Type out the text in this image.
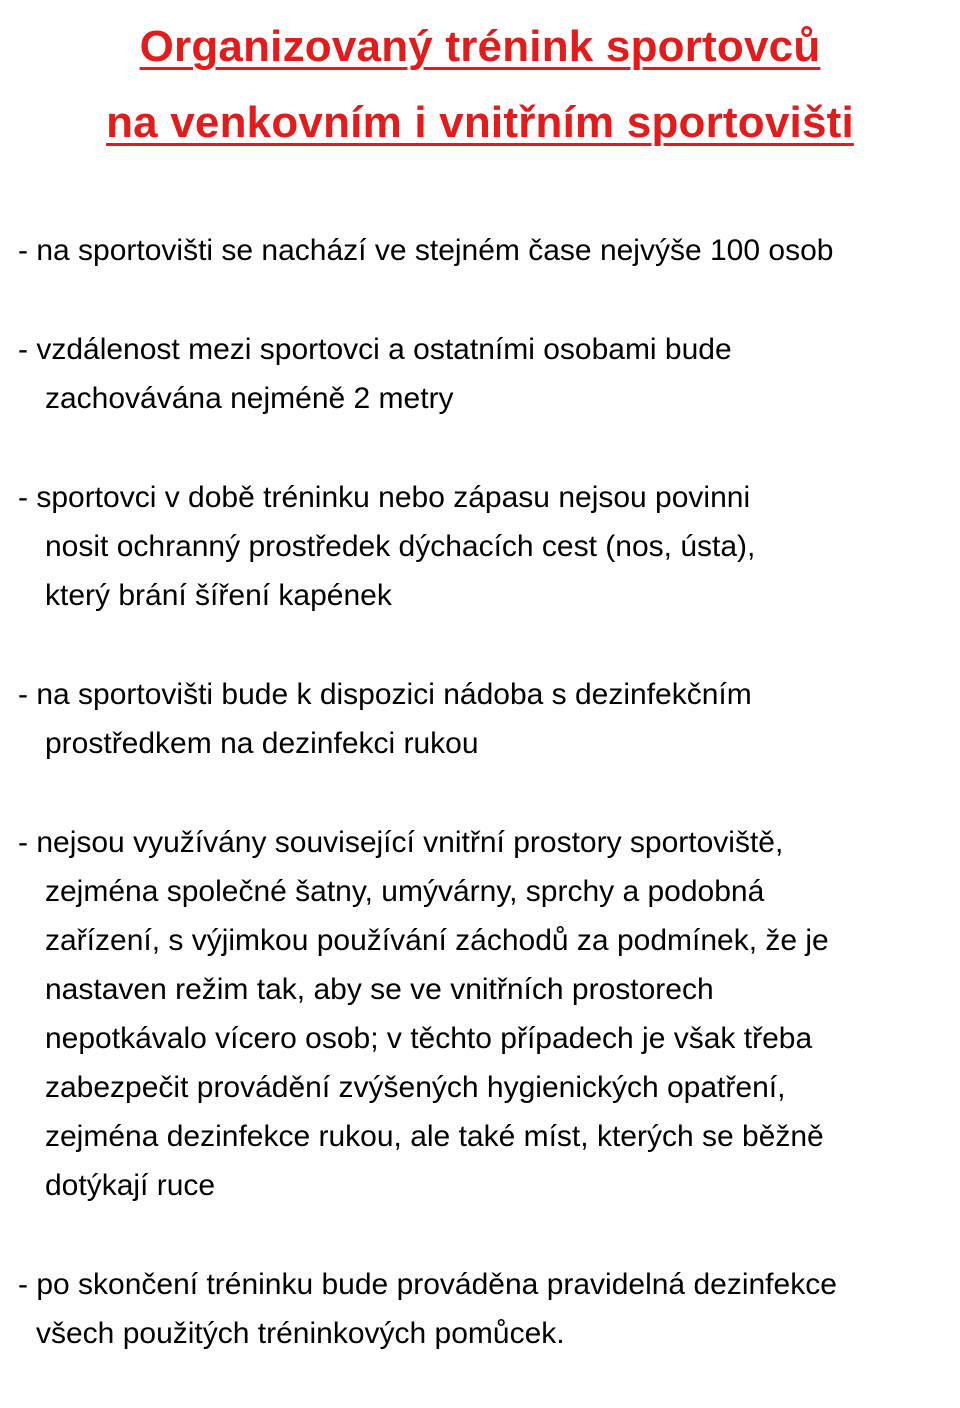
Organizovaný trénink sportovců
na venkovním i vnitřním sportovišti
- na sportovišti se nachází ve stejném čase nejvýše 100 osob
- vzdálenost mezi sportovci a ostatními osobami bude
zachovávána nejméně 2 metry
- sportovci v době tréninku nebo zápasu nejsou povinni
nosit ochranný prostředek dýchacích cest (nos, ústa),
který brání šíření kapének
- na sportovišti bude k dispozici nádoba s dezinfekčním
prostředkem na dezinfekci rukou
- nejsou využívány související vnitřní prostory sportoviště,
zejména společné šatny, umývárny, sprchy a podobná
zařízení, s výjimkou používání záchodů za podmínek, že je
nastaven režim tak, aby se ve vnitřních prostorech
nepotkávalo vícero osob; v těchto případech je však třeba
zabezpečit provádění zvýšených hygienických opatření,
zejména dezinfekce rukou, ale také míst, kterých se běžně
dotýkají ruce
- po skončení tréninku bude prováděna pravidelná dezinfekce
všech použitých tréninkových pomůcek.
